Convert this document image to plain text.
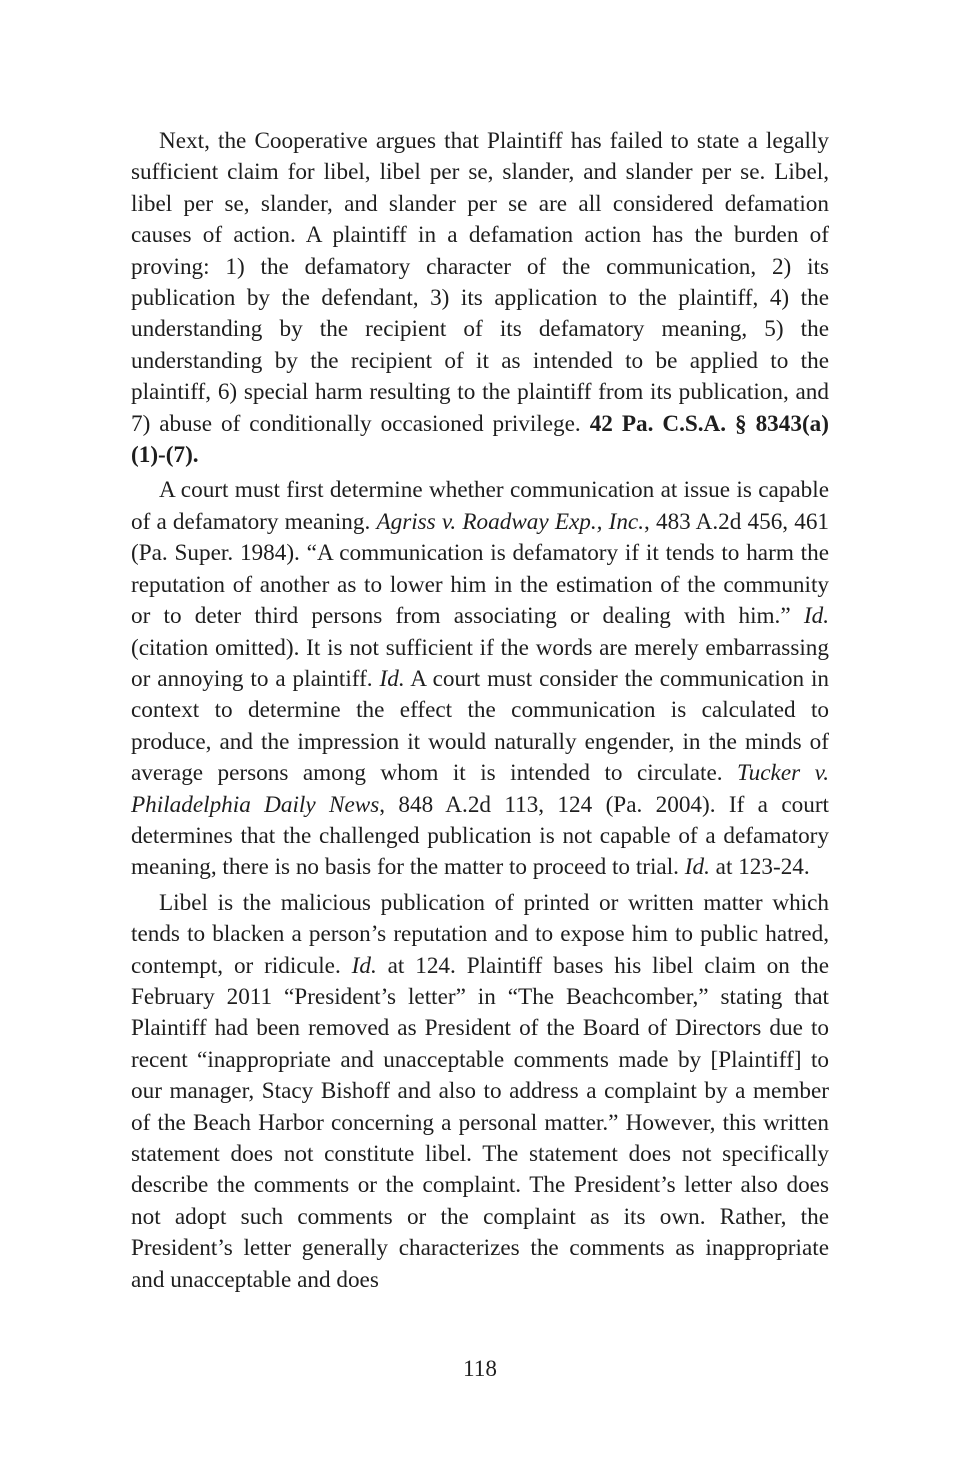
Next, the Cooperative argues that Plaintiff has failed to state a legally sufficient claim for libel, libel per se, slander, and slander per se. Libel, libel per se, slander, and slander per se are all considered defamation causes of action. A plaintiff in a defamation action has the burden of proving: 1) the defamatory character of the communication, 2) its publication by the defendant, 3) its application to the plaintiff, 4) the understanding by the recipient of its defamatory meaning, 5) the understanding by the recipient of it as intended to be applied to the plaintiff, 6) special harm resulting to the plaintiff from its publication, and 7) abuse of conditionally occasioned privilege. 42 Pa. C.S.A. § 8343(a)(1)-(7).

A court must first determine whether communication at issue is capable of a defamatory meaning. Agriss v. Roadway Exp., Inc., 483 A.2d 456, 461 (Pa. Super. 1984). “A communication is defamatory if it tends to harm the reputation of another as to lower him in the estimation of the community or to deter third persons from associating or dealing with him.” Id. (citation omitted). It is not sufficient if the words are merely embarrassing or annoying to a plaintiff. Id. A court must consider the communication in context to determine the effect the communication is calculated to produce, and the impression it would naturally engender, in the minds of average persons among whom it is intended to circulate. Tucker v. Philadelphia Daily News, 848 A.2d 113, 124 (Pa. 2004). If a court determines that the challenged publication is not capable of a defamatory meaning, there is no basis for the matter to proceed to trial. Id. at 123-24.

Libel is the malicious publication of printed or written matter which tends to blacken a person’s reputation and to expose him to public hatred, contempt, or ridicule. Id. at 124. Plaintiff bases his libel claim on the February 2011 “President’s letter” in “The Beachcomber,” stating that Plaintiff had been removed as President of the Board of Directors due to recent “inappropriate and unacceptable comments made by [Plaintiff] to our manager, Stacy Bishoff and also to address a complaint by a member of the Beach Harbor concerning a personal matter.” However, this written statement does not constitute libel. The statement does not specifically describe the comments or the complaint. The President’s letter also does not adopt such comments or the complaint as its own. Rather, the President’s letter generally characterizes the comments as inappropriate and unacceptable and does

118
